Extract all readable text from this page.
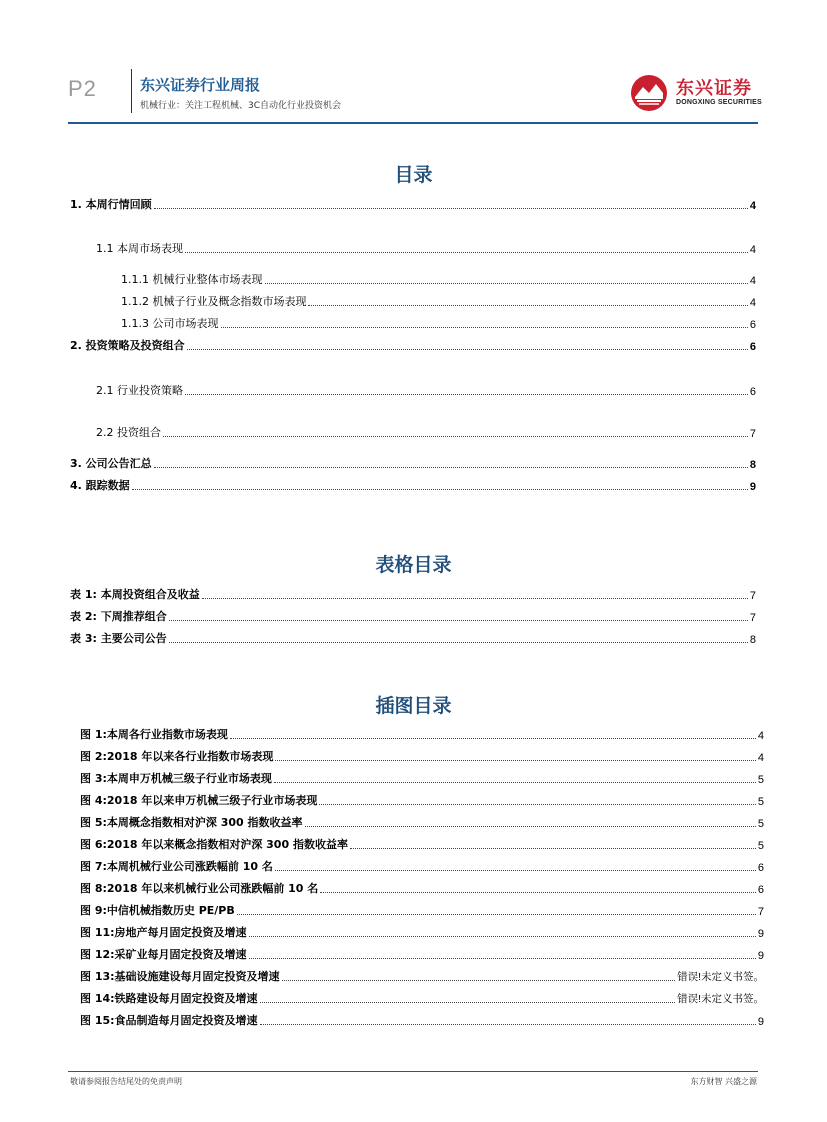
P2	东兴证券行业周报
机械行业：关注工程机械、3C自动化行业投资机会
东兴证券
DONGXING SECURITIES
目录
1. 本周行情回顾	4
1.1 本周市场表现	4
1.1.1 机械行业整体市场表现	4
1.1.2 机械子行业及概念指数市场表现	4
1.1.3 公司市场表现	6
2. 投资策略及投资组合	6
2.1 行业投资策略	6
2.2 投资组合	7
3. 公司公告汇总	8
4. 跟踪数据	9
表格目录
表 1: 本周投资组合及收益	7
表 2: 下周推荐组合	7
表 3: 主要公司公告	8
插图目录
图 1:本周各行业指数市场表现	4
图 2:2018 年以来各行业指数市场表现	4
图 3:本周申万机械三级子行业市场表现	5
图 4:2018 年以来申万机械三级子行业市场表现	5
图 5:本周概念指数相对沪深 300 指数收益率	5
图 6:2018 年以来概念指数相对沪深 300 指数收益率	5
图 7:本周机械行业公司涨跌幅前 10 名	6
图 8:2018 年以来机械行业公司涨跌幅前 10 名	6
图 9:中信机械指数历史 PE/PB	7
图 11:房地产每月固定投资及增速	9
图 12:采矿业每月固定投资及增速	9
图 13:基础设施建设每月固定投资及增速	错误!未定义书签。
图 14:铁路建设每月固定投资及增速	错误!未定义书签。
图 15:食品制造每月固定投资及增速	9
敬请参阅报告结尾处的免责声明	东方财智 兴盛之源
